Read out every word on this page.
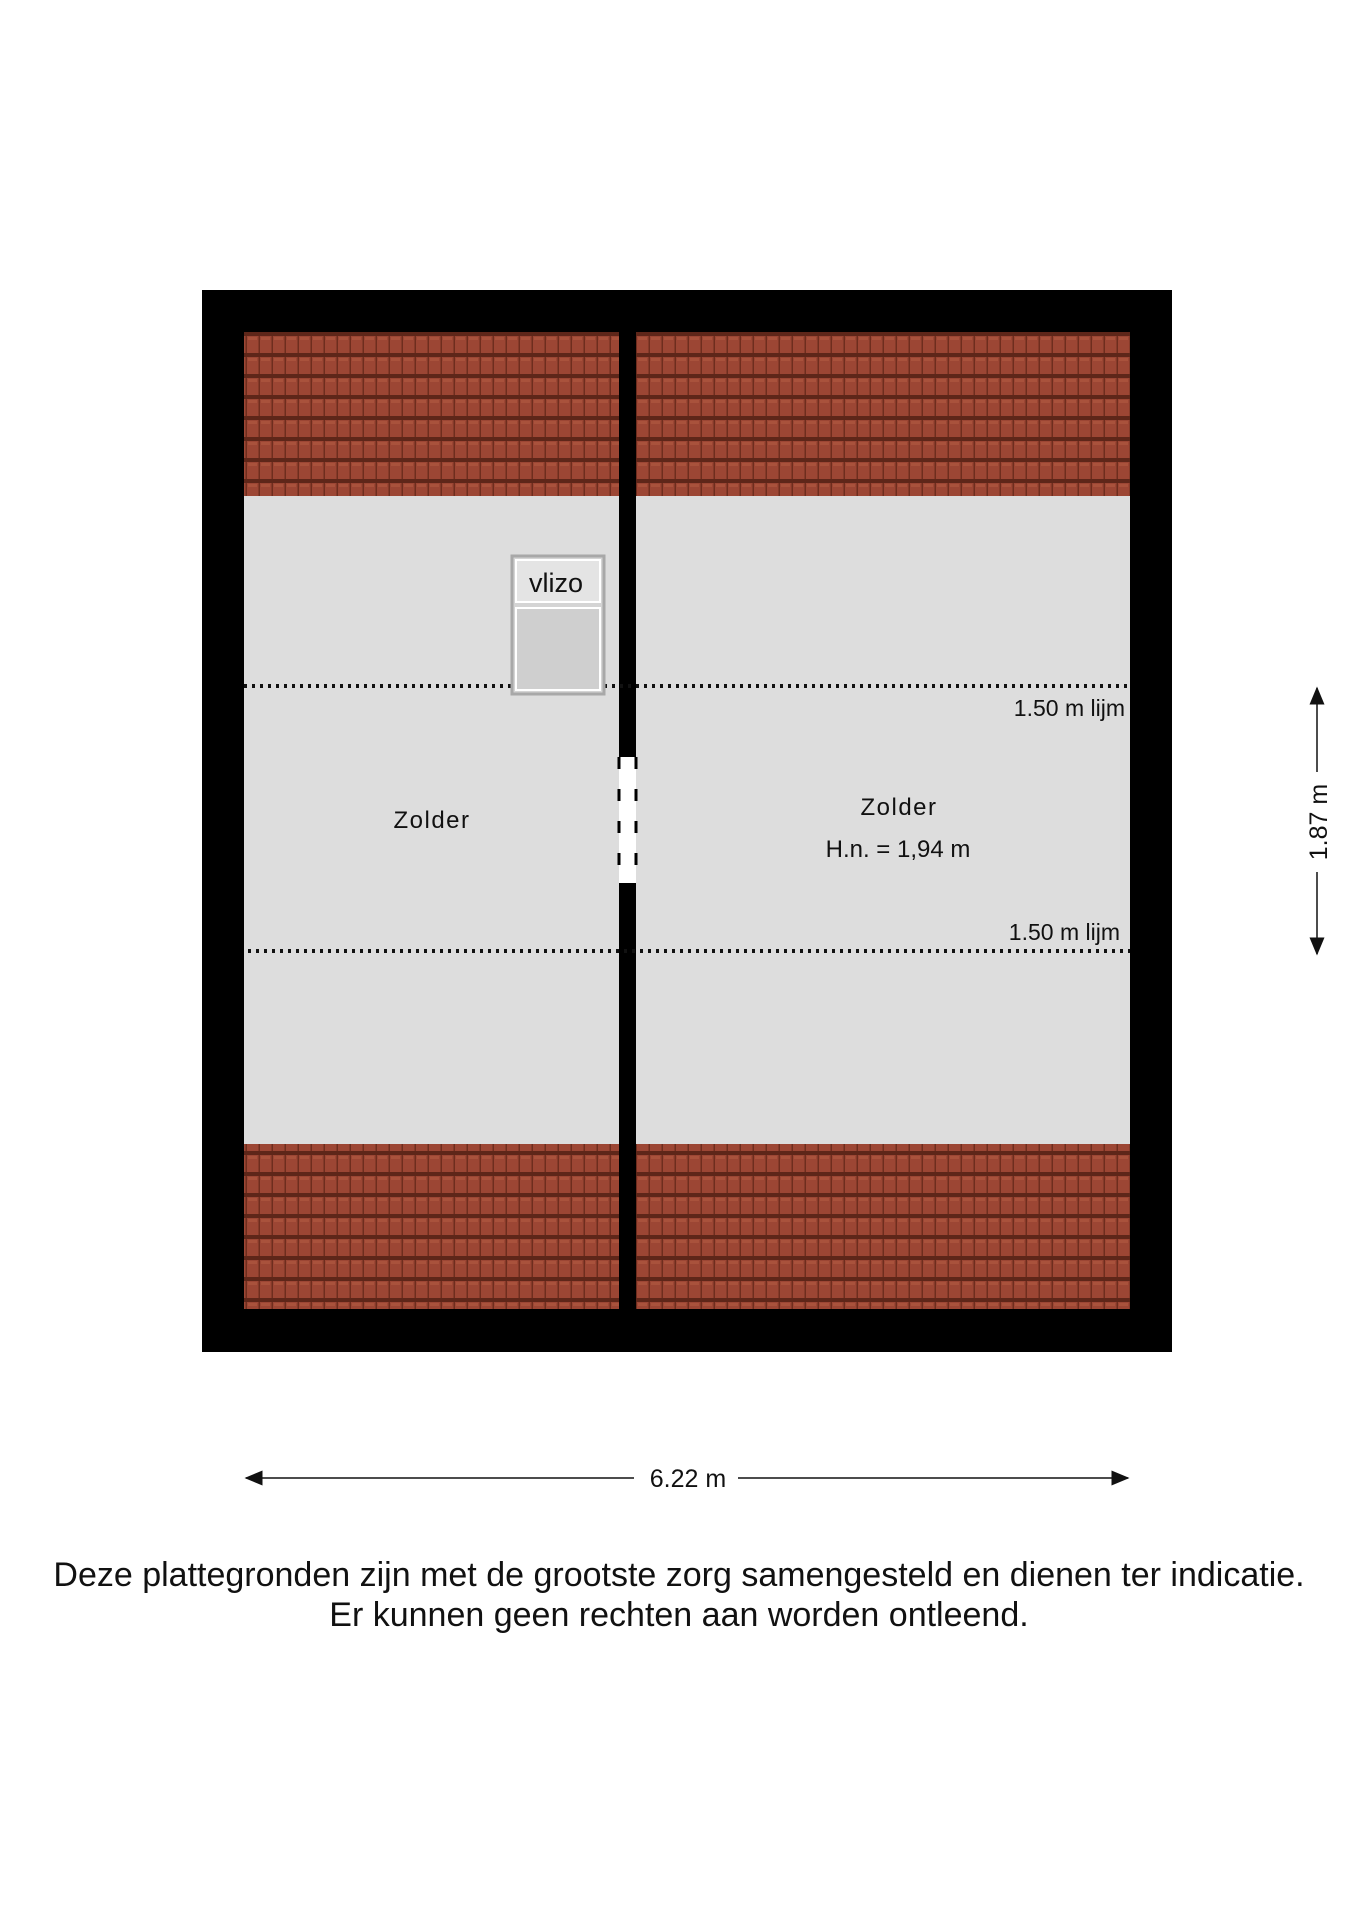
1.50 m lijm
1.50 m lijm
vlizo
Zolder	Zolder
H.n. = 1,94 m
6.22 m
1.87 m
Deze plattegronden zijn met de grootste zorg samengesteld en dienen ter indicatie.
Er kunnen geen rechten aan worden ontleend.
